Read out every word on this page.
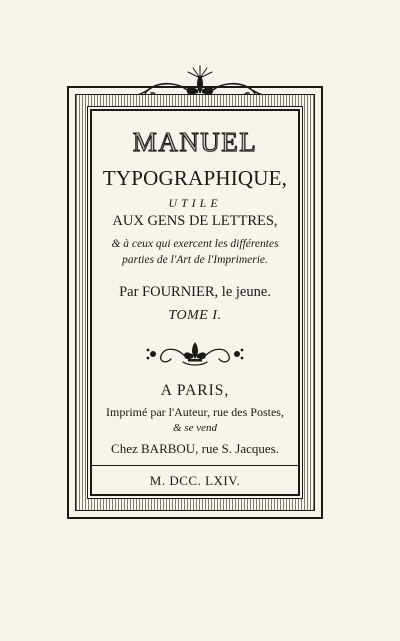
MANUEL
TYPOGRAPHIQUE,
UTILE
AUX GENS DE LETTRES,
& à ceux qui exercent les différentes
parties de l'Art de l'Imprimerie.
Par FOURNIER, le jeune.
TOME I.
A PARIS,
Imprimé par l'Auteur, rue des Postes,
& se vend
Chez BARBOU, rue S. Jacques.
M. DCC. LXIV.
